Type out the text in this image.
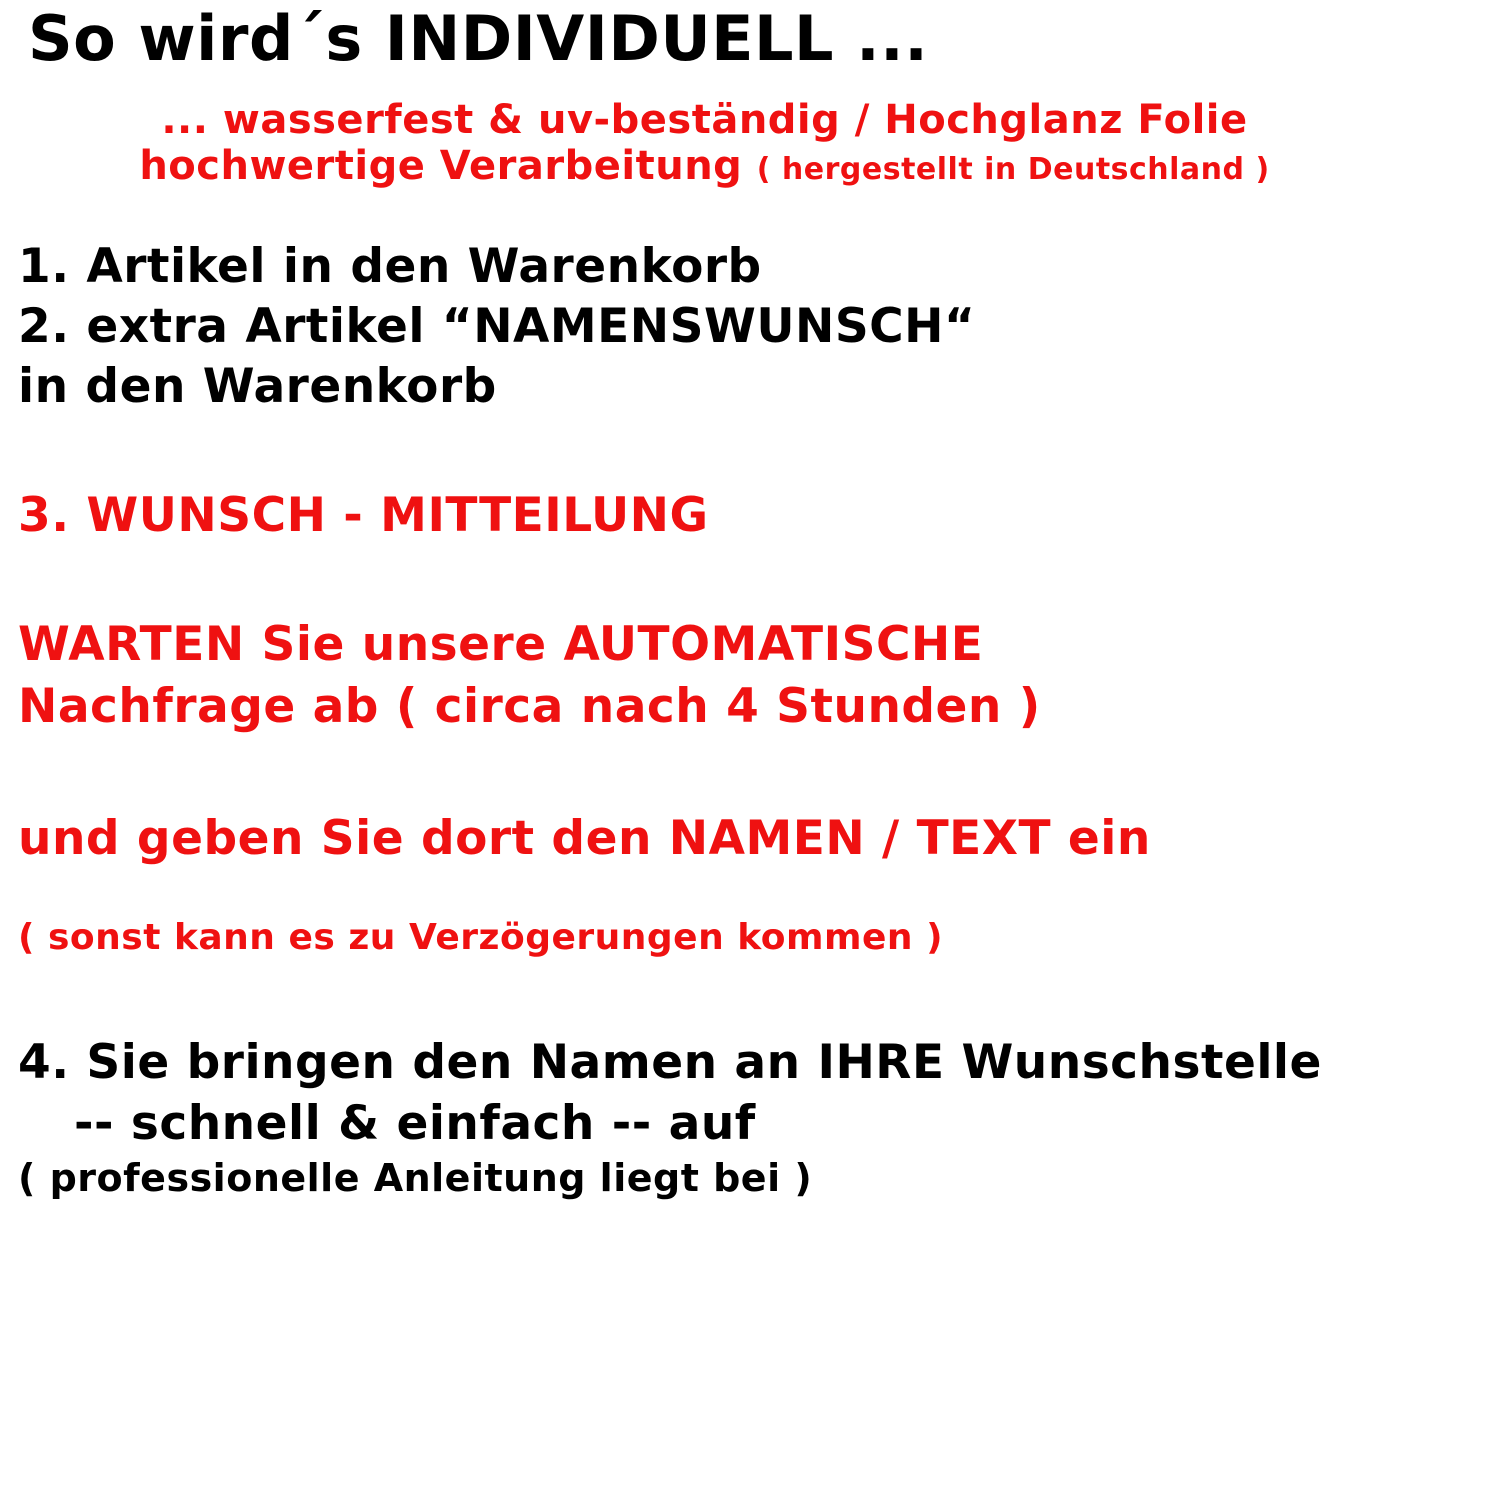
So wird´s INDIVIDUELL ...
... wasserfest & uv-beständig / Hochglanz Folie
hochwertige Verarbeitung ( hergestellt in Deutschland )
1. Artikel in den Warenkorb
2. extra Artikel “NAMENSWUNSCH“
in den Warenkorb
3. WUNSCH - MITTEILUNG
WARTEN Sie unsere AUTOMATISCHE
Nachfrage ab ( circa nach 4 Stunden )
und geben Sie dort den NAMEN / TEXT ein
( sonst kann es zu Verzögerungen kommen )
4. Sie bringen den Namen an IHRE Wunschstelle
-- schnell & einfach -- auf
( professionelle Anleitung liegt bei )
